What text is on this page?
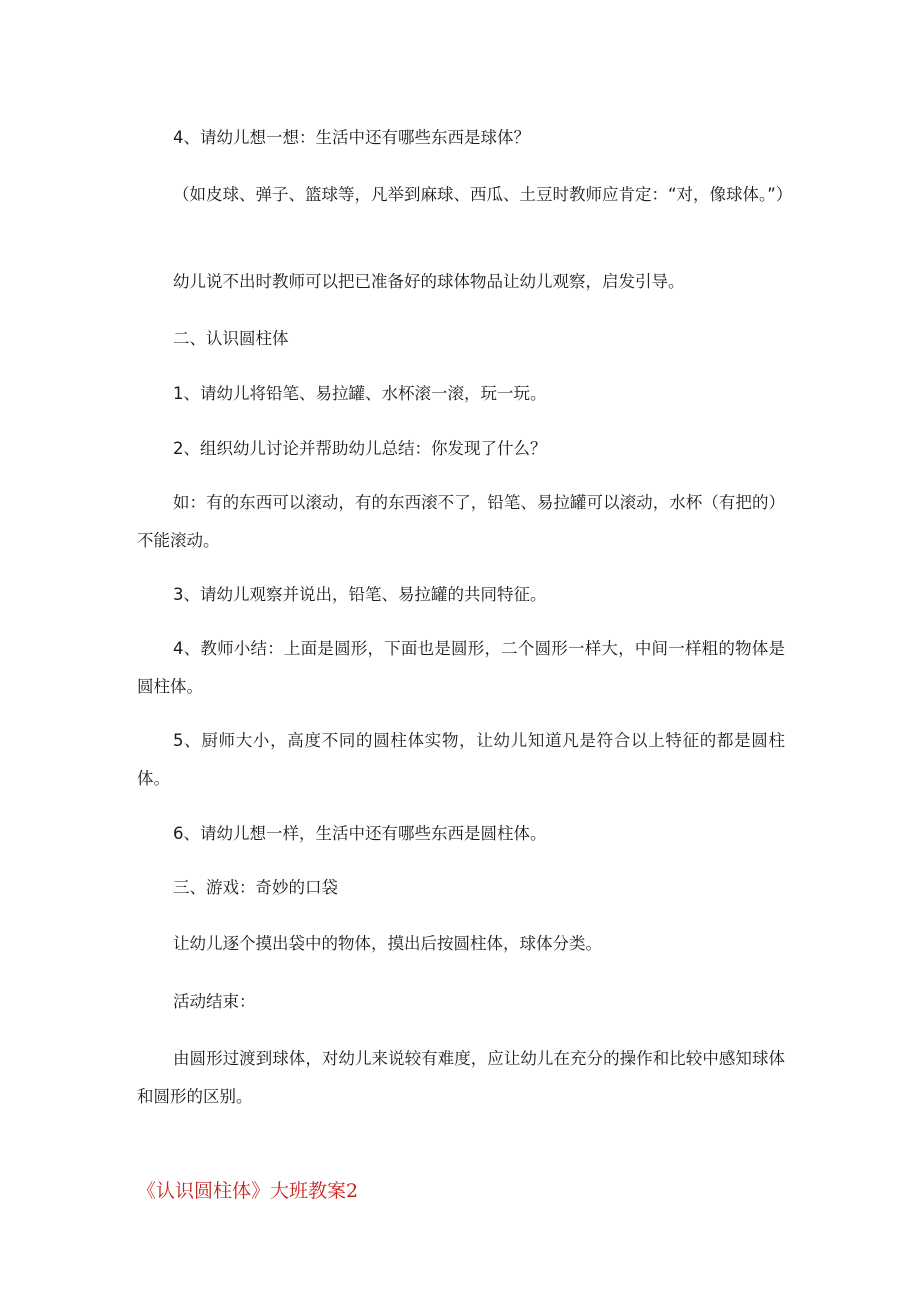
4、请幼儿想一想：生活中还有哪些东西是球体？

（如皮球、弹子、篮球等，凡举到麻球、西瓜、土豆时教师应肯定：“对，像球体。”）

幼儿说不出时教师可以把已准备好的球体物品让幼儿观察，启发引导。

二、认识圆柱体

1、请幼儿将铅笔、易拉罐、水杯滚一滚，玩一玩。

2、组织幼儿讨论并帮助幼儿总结：你发现了什么？

如：有的东西可以滚动，有的东西滚不了，铅笔、易拉罐可以滚动，水杯（有把的）不能滚动。

3、请幼儿观察并说出，铅笔、易拉罐的共同特征。

4、教师小结：上面是圆形，下面也是圆形，二个圆形一样大，中间一样粗的物体是圆柱体。

5、厨师大小，高度不同的圆柱体实物，让幼儿知道凡是符合以上特征的都是圆柱体。

6、请幼儿想一样，生活中还有哪些东西是圆柱体。

三、游戏：奇妙的口袋

让幼儿逐个摸出袋中的物体，摸出后按圆柱体，球体分类。

活动结束：

由圆形过渡到球体，对幼儿来说较有难度，应让幼儿在充分的操作和比较中感知球体和圆形的区别。

《认识圆柱体》大班教案2
